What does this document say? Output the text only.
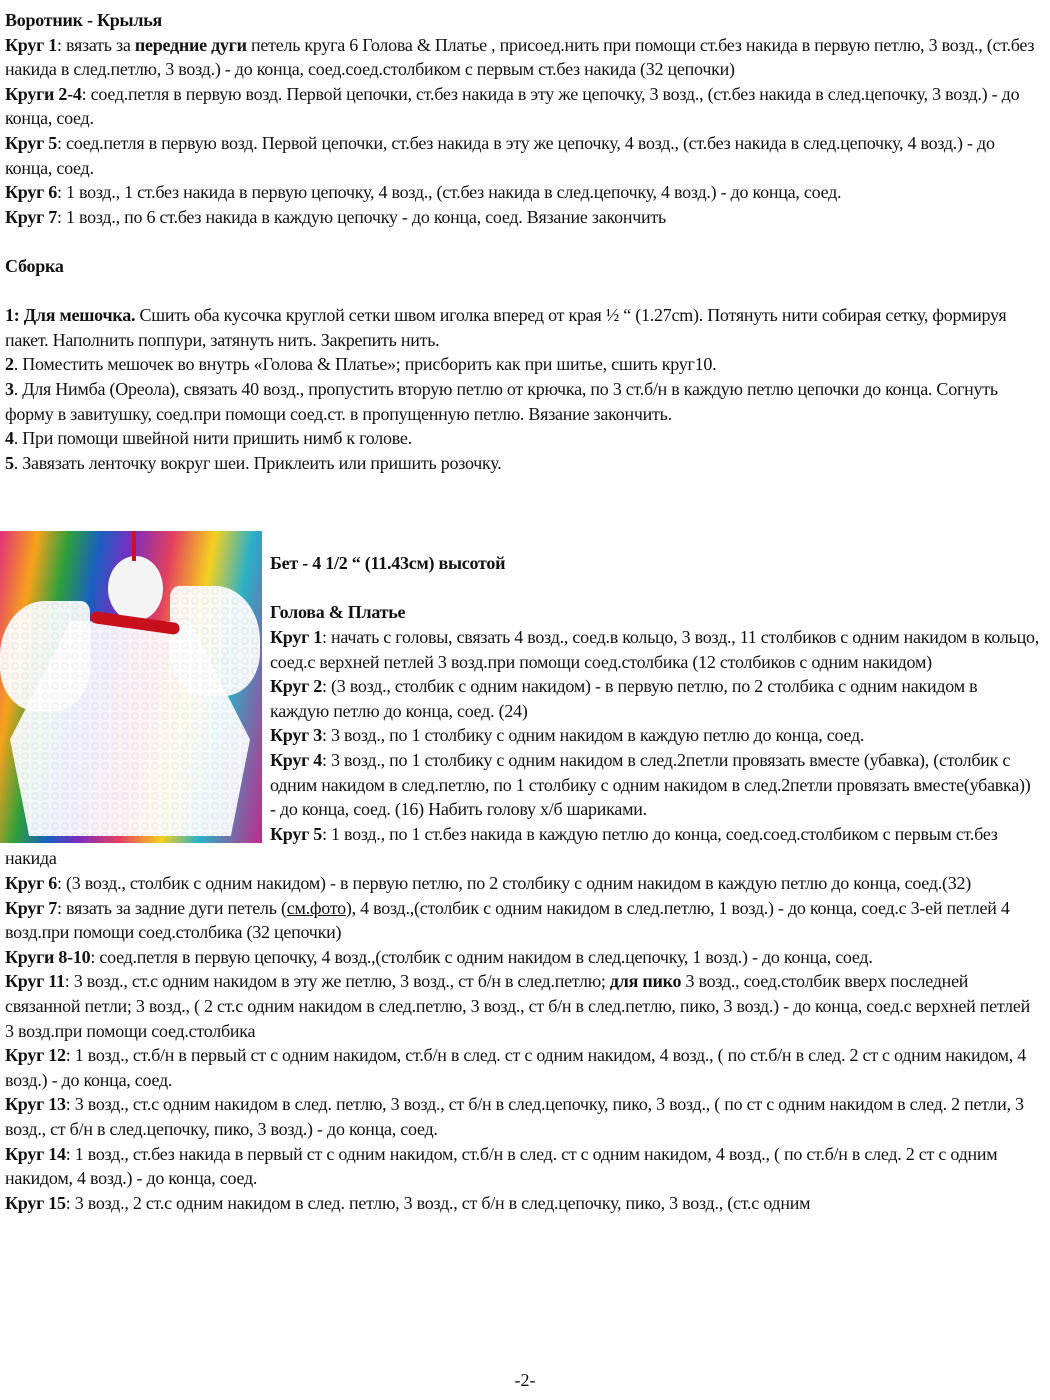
Воротник - Крылья

Круг 1: вязать за передние дуги петель круга 6 Голова & Платье , присоед.нить при помощи ст.без накида в первую петлю, 3 возд., (ст.без накида в след.петлю, 3 возд.) - до конца, соед.соед.столбиком с первым ст.без накида (32 цепочки)

Круги 2-4: соед.петля в первую возд. Первой цепочки, ст.без накида в эту же цепочку, 3 возд., (ст.без накида в след.цепочку, 3 возд.) - до конца, соед.

Круг 5: соед.петля в первую возд. Первой цепочки, ст.без накида в эту же цепочку, 4 возд., (ст.без накида в след.цепочку, 4 возд.) - до конца, соед.

Круг 6: 1 возд., 1 ст.без накида в первую цепочку, 4 возд., (ст.без накида в след.цепочку, 4 возд.) - до конца, соед.

Круг 7: 1 возд., по 6 ст.без накида в каждую цепочку - до конца, соед. Вязание закончить

Сборка

1: Для мешочка. Сшить оба кусочка круглой сетки швом иголка вперед от края ½ “ (1.27cm). Потянуть нити собирая сетку, формируя пакет. Наполнить поппури, затянуть нить. Закрепить нить.

2. Поместить мешочек во внутрь «Голова & Платье»; присборить как при шитье, сшить круг10.

3. Для Нимба (Ореола), связать 40 возд., пропустить вторую петлю от крючка, по 3 ст.б/н в каждую петлю цепочки до конца. Согнуть форму в завитушку, соед.при помощи соед.ст. в пропущенную петлю. Вязание закончить.

4. При помощи швейной нити пришить нимб к голове.

5. Завязать ленточку вокруг шеи. Приклеить или пришить розочку.

Бет - 4 1/2 “ (11.43см) высотой

Голова & Платье

Круг 1: начать с головы, связать 4 возд., соед.в кольцо, 3 возд., 11 столбиков с одним накидом в кольцо, соед.с верхней петлей 3 возд.при помощи соед.столбика (12 столбиков с одним накидом)

Круг 2: (3 возд., столбик с одним накидом) - в первую петлю, по 2 столбика с одним накидом в каждую петлю до конца, соед. (24)

Круг 3: 3 возд., по 1 столбику с одним накидом в каждую петлю до конца, соед.

Круг 4: 3 возд., по 1 столбику с одним накидом в след.2петли провязать вместе (убавка), (столбик с одним накидом в след.петлю, по 1 столбику с одним накидом в след.2петли провязать вместе(убавка)) - до конца, соед. (16) Набить голову х/б шариками.

Круг 5: 1 возд., по 1 ст.без накида в каждую петлю до конца, соед.соед.столбиком с первым ст.без накида

Круг 6: (3 возд., столбик с одним накидом) - в первую петлю, по 2 столбику с одним накидом в каждую петлю до конца, соед.(32)

Круг 7: вязать за задние дуги петель (см.фото), 4 возд.,(столбик с одним накидом в след.петлю, 1 возд.) - до конца, соед.с 3-ей петлей 4 возд.при помощи соед.столбика (32 цепочки)

Круги 8-10: соед.петля в первую цепочку, 4 возд.,(столбик с одним накидом в след.цепочку, 1 возд.) - до конца, соед.

Круг 11: 3 возд., ст.с одним накидом в эту же петлю, 3 возд., ст б/н в след.петлю; для пико 3 возд., соед.столбик вверх последней связанной петли; 3 возд., ( 2 ст.с одним накидом в след.петлю, 3 возд., ст б/н в след.петлю, пико, 3 возд.) - до конца, соед.с верхней петлей 3 возд.при помощи соед.столбика

Круг 12: 1 возд., ст.б/н в первый ст с одним накидом, ст.б/н в след. ст с одним накидом, 4 возд., ( по ст.б/н в след. 2 ст с одним накидом, 4 возд.) - до конца, соед.

Круг 13: 3 возд., ст.с одним накидом в след. петлю, 3 возд., ст б/н в след.цепочку, пико, 3 возд., ( по ст с одним накидом в след. 2 петли, 3 возд., ст б/н в след.цепочку, пико, 3 возд.) - до конца, соед.

Круг 14: 1 возд., ст.без накида в первый ст с одним накидом, ст.б/н в след. ст с одним накидом, 4 возд., ( по ст.б/н в след. 2 ст с одним накидом, 4 возд.) - до конца, соед.

Круг 15: 3 возд., 2 ст.с одним накидом в след. петлю, 3 возд., ст б/н в след.цепочку, пико, 3 возд., (ст.с одним

-2-
